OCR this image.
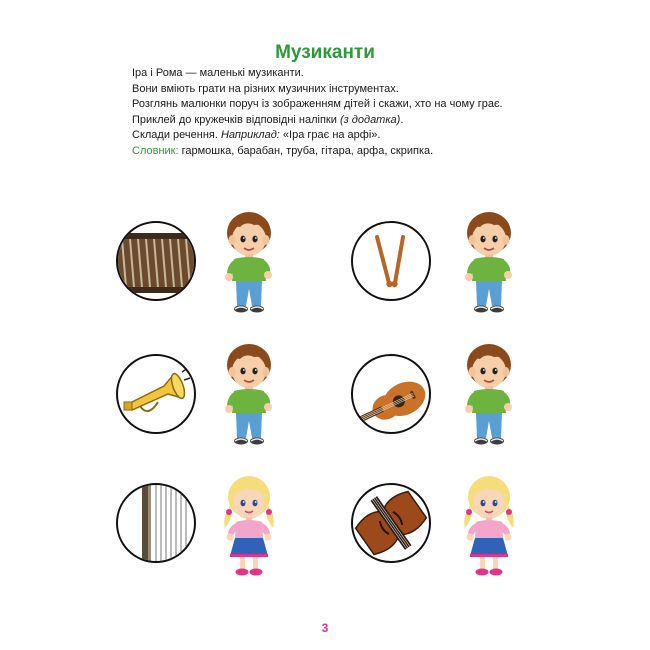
Музиканти
Іра і Рома — маленькі музиканти.
Вони вміють грати на різних музичних інструментах.
Розглянь малюнки поруч із зображенням дітей і скажи, хто на чому грає.
Приклей до кружечків відповідні наліпки (з додатка).
Склади речення. Наприклад: «Іра грає на арфі».
Словник: гармошка, барабан, труба, гітара, арфа, скрипка.
3
